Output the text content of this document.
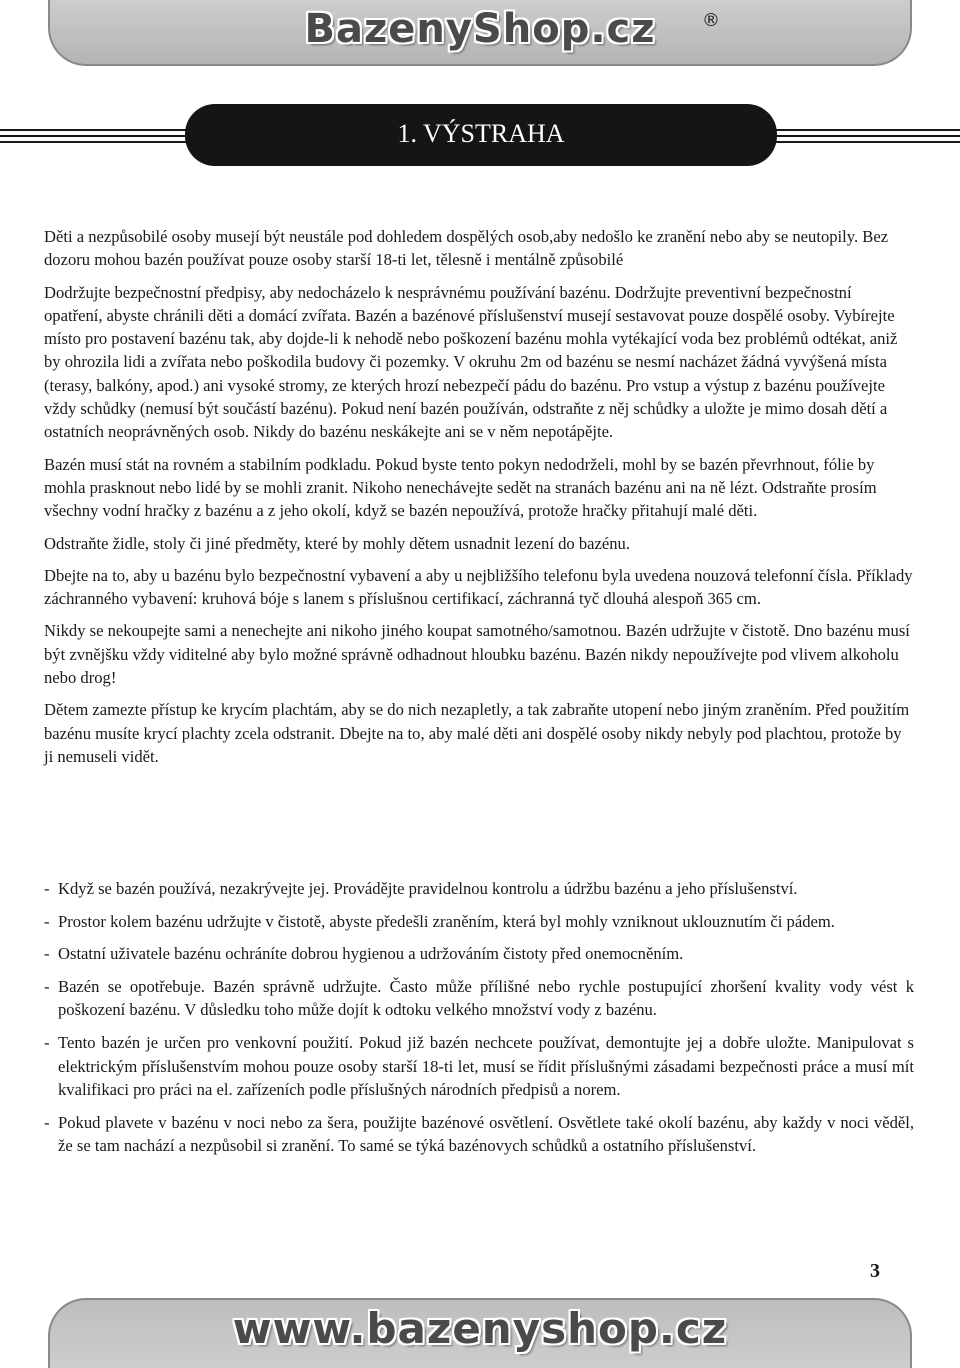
BazenyShop.cz	®
1. VÝSTRAHA

Děti a nezpůsobilé osoby musejí být neustále pod dohledem dospělých osob,aby nedošlo ke zranění nebo aby se neutopily. Bez dozoru mohou bazén používat pouze osoby starší 18-ti let, tělesně i mentálně způsobilé

Dodržujte bezpečnostní předpisy, aby nedocházelo k nesprávnému používání bazénu. Dodržujte preventivní bezpečnostní opatření, abyste chránili děti a domácí zvířata. Bazén a bazénové příslušenství musejí sestavovat pouze dospělé osoby. Vybírejte místo pro postavení bazénu tak, aby dojde-li k nehodě nebo poškození bazénu mohla vytékající voda bez problémů odtékat, aniž by ohrozila lidi a zvířata nebo poškodila budovy či pozemky. V okruhu 2m od bazénu se nesmí nacházet žádná vyvýšená místa (terasy, balkóny, apod.) ani vysoké stromy, ze kterých hrozí nebezpečí pádu do bazénu. Pro vstup a výstup z bazénu používejte vždy schůdky (nemusí být součástí bazénu). Pokud není bazén používán, odstraňte z něj schůdky a uložte je mimo dosah dětí a ostatních neoprávněných osob. Nikdy do bazénu neskákejte ani se v něm nepotápějte.

Bazén musí stát na rovném a stabilním podkladu. Pokud byste tento pokyn nedodrželi, mohl by se bazén převrhnout, fólie by mohla prasknout nebo lidé by se mohli zranit. Nikoho nenechávejte sedět na stranách bazénu ani na ně lézt. Odstraňte prosím všechny vodní hračky z bazénu a z jeho okolí, když se bazén nepoužívá, protože hračky přitahují malé děti.

Odstraňte židle, stoly či jiné předměty, které by mohly dětem usnadnit lezení do bazénu.

Dbejte na to, aby u bazénu bylo bezpečnostní vybavení a aby u nejbližšího telefonu byla uvedena nouzová telefonní čísla. Příklady záchranného vybavení: kruhová bóje s lanem s příslušnou certifikací, záchranná tyč dlouhá alespoň 365 cm.

Nikdy se nekoupejte sami a nenechejte ani nikoho jiného koupat samotného/samotnou. Bazén udržujte v čistotě. Dno bazénu musí být zvnějšku vždy viditelné aby bylo možné správně odhadnout hloubku bazénu. Bazén nikdy nepoužívejte pod vlivem alkoholu nebo drog!

Dětem zamezte přístup ke krycím plachtám, aby se do nich nezapletly, a tak zabraňte utopení nebo jiným zraněním. Před použitím bazénu musíte krycí plachty zcela odstranit. Dbejte na to, aby malé děti ani dospělé osoby nikdy nebyly pod plachtou, protože by ji nemuseli vidět.

- Když se bazén používá, nezakrývejte jej. Provádějte pravidelnou kontrolu a údržbu bazénu a jeho příslušenství.
- Prostor kolem bazénu udržujte v čistotě, abyste předešli zraněním, která byl mohly vzniknout uklouznutím či pádem.
- Ostatní uživatele bazénu ochráníte dobrou hygienou a udržováním čistoty před onemocněním.
- Bazén se opotřebuje. Bazén správně udržujte. Často může přílišné nebo rychle postupující zhoršení kvality vody vést k poškození bazénu. V důsledku toho může dojít k odtoku velkého množství vody z bazénu.
- Tento bazén je určen pro venkovní použití. Pokud již bazén nechcete používat, demontujte jej a dobře uložte. Manipulovat s elektrickým příslušenstvím mohou pouze osoby starší 18-ti let, musí se řídit příslušnými zásadami bezpečnosti práce a musí mít kvalifikaci pro práci na el. zařízeních podle příslušných národních předpisů a norem.
- Pokud plavete v bazénu v noci nebo za šera, použijte bazénové osvětlení. Osvětlete také okolí bazénu, aby každy v noci věděl, že se tam nachází a nezpůsobil si zranění. To samé se týká bazénovych schůdků a ostatního příslušenství.
3
www.bazenyshop.cz
